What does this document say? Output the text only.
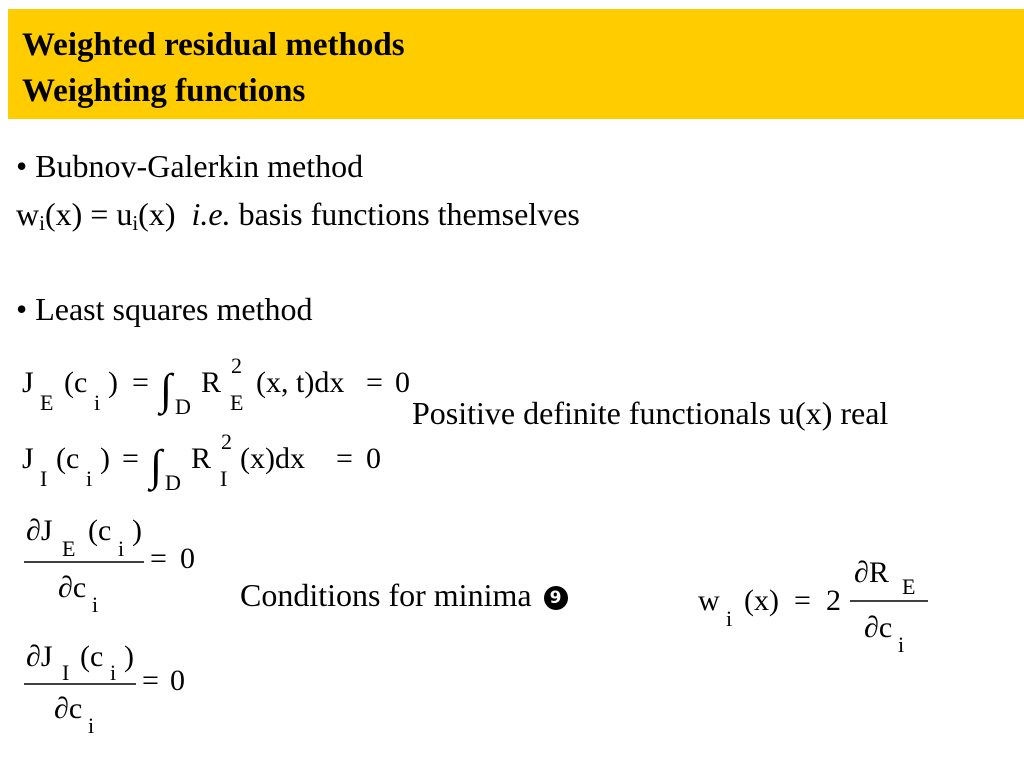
Weighted residual methods
Weighting functions
• Bubnov-Galerkin method
$w_i(x) = u_i(x)$ i.e. basis functions themselves
• Least squares method
Positive definite functionals u(x) real
Conditions for minima 9
J
E
(c
i
) = ∫ D
R
2
E
(x, t)dx = 0
J
I
(c
i
) = ∫ D
R
2
I
(x)dx = 0
∂J
E
(c
i
)
∂c
i
= 0
∂J I (c i )
∂c
i
= 0
w
i
(x) = 2
∂R E
∂c
i
